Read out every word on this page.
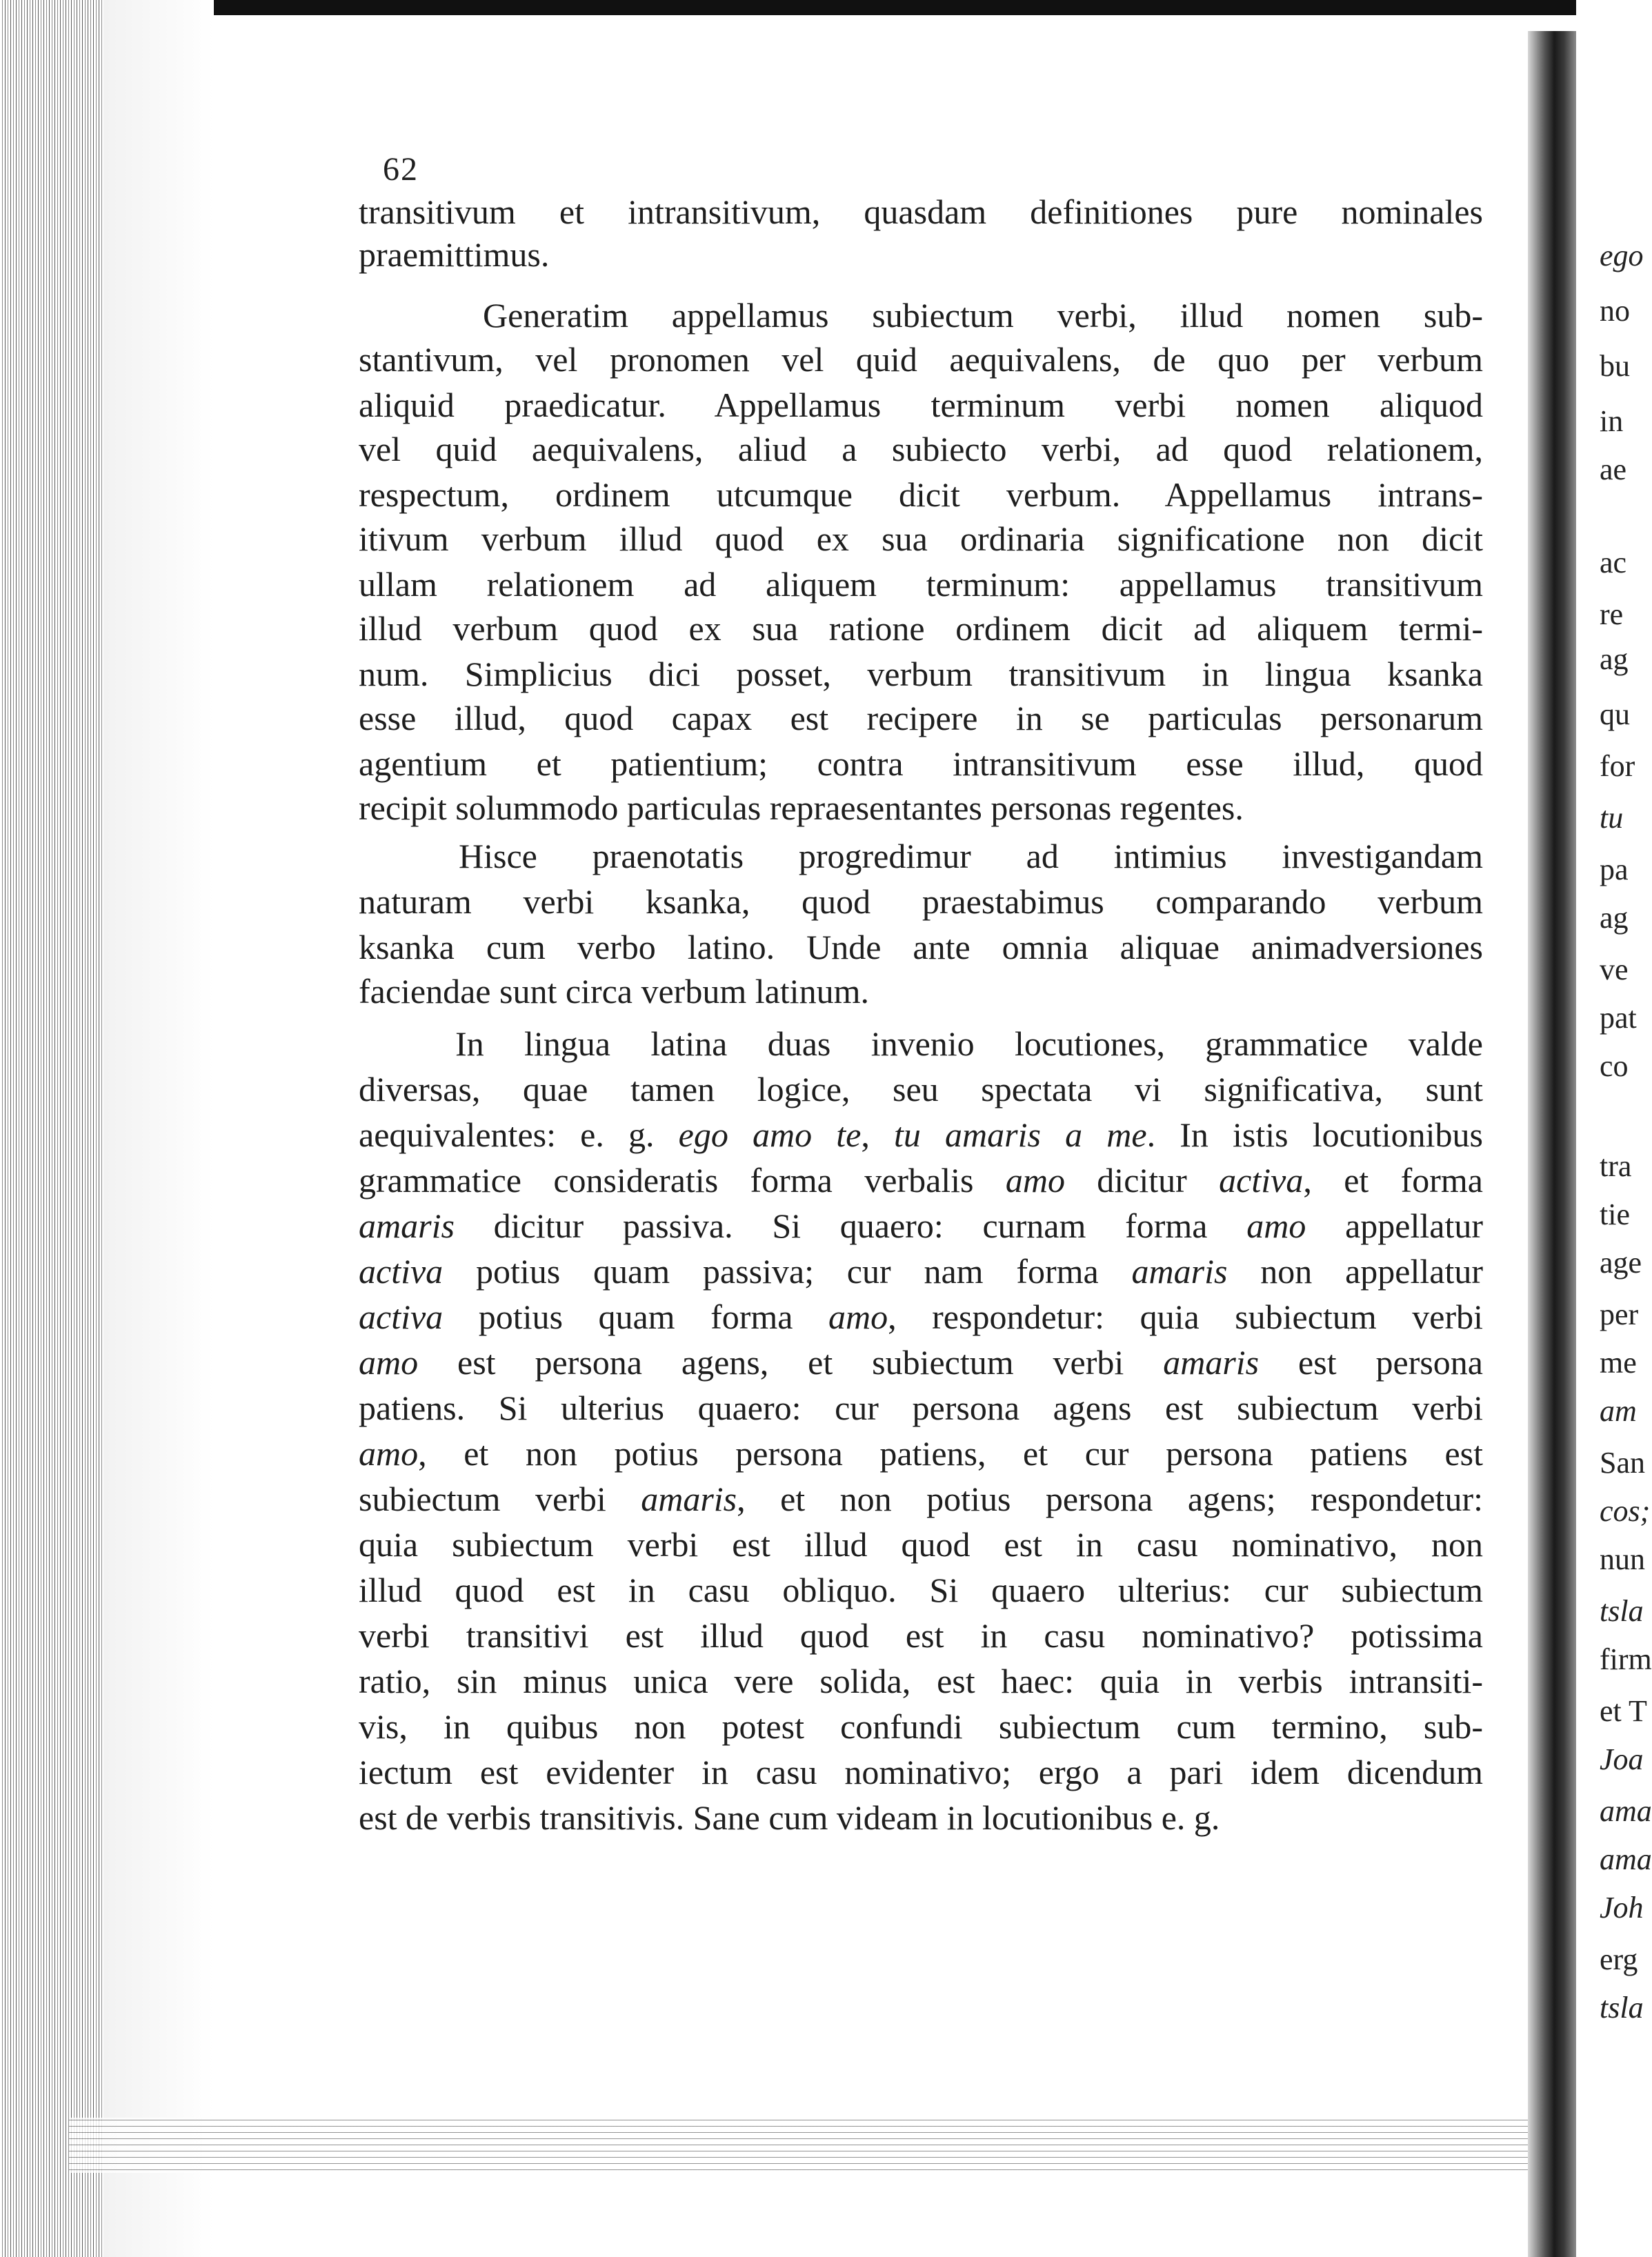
62
transitivum et intransitivum, quasdam definitiones pure nominales
praemittimus.
Generatim appellamus subiectum verbi, illud nomen sub-
stantivum, vel pronomen vel quid aequivalens, de quo per verbum
aliquid praedicatur. Appellamus terminum verbi nomen aliquod
vel quid aequivalens, aliud a subiecto verbi, ad quod relationem,
respectum, ordinem utcumque dicit verbum. Appellamus intrans-
itivum verbum illud quod ex sua ordinaria significatione non dicit
ullam relationem ad aliquem terminum: appellamus transitivum
illud verbum quod ex sua ratione ordinem dicit ad aliquem termi-
num. Simplicius dici posset, verbum transitivum in lingua ksanka
esse illud, quod capax est recipere in se particulas personarum
agentium et patientium; contra intransitivum esse illud, quod
recipit solummodo particulas repraesentantes personas regentes.
Hisce praenotatis progredimur ad intimius investigandam
naturam verbi ksanka, quod praestabimus comparando verbum
ksanka cum verbo latino. Unde ante omnia aliquae animadversiones
faciendae sunt circa verbum latinum.
In lingua latina duas invenio locutiones, grammatice valde
diversas, quae tamen logice, seu spectata vi significativa, sunt
aequivalentes: e. g. ego amo te, tu amaris a me. In istis locutionibus
grammatice consideratis forma verbalis amo dicitur activa, et forma
amaris dicitur passiva. Si quaero: curnam forma amo appellatur
activa potius quam passiva; cur nam forma amaris non appellatur
activa potius quam forma amo, respondetur: quia subiectum verbi
amo est persona agens, et subiectum verbi amaris est persona
patiens. Si ulterius quaero: cur persona agens est subiectum verbi
amo, et non potius persona patiens, et cur persona patiens est
subiectum verbi amaris, et non potius persona agens; respondetur:
quia subiectum verbi est illud quod est in casu nominativo, non
illud quod est in casu obliquo. Si quaero ulterius: cur subiectum
verbi transitivi est illud quod est in casu nominativo? potissima
ratio, sin minus unica vere solida, est haec: quia in verbis intransiti-
vis, in quibus non potest confundi subiectum cum termino, sub-
iectum est evidenter in casu nominativo; ergo a pari idem dicendum
est de verbis transitivis. Sane cum videam in locutionibus e. g.
ego
no
bu
in
ae
ac
re
ag
qu
for
tu
pa
ag
ve
pat
co
tra
tie
age
per
me
am
San
cos;
nun
tsla
firm
et T
Joa
ama
ama
Joh
erg
tsla
